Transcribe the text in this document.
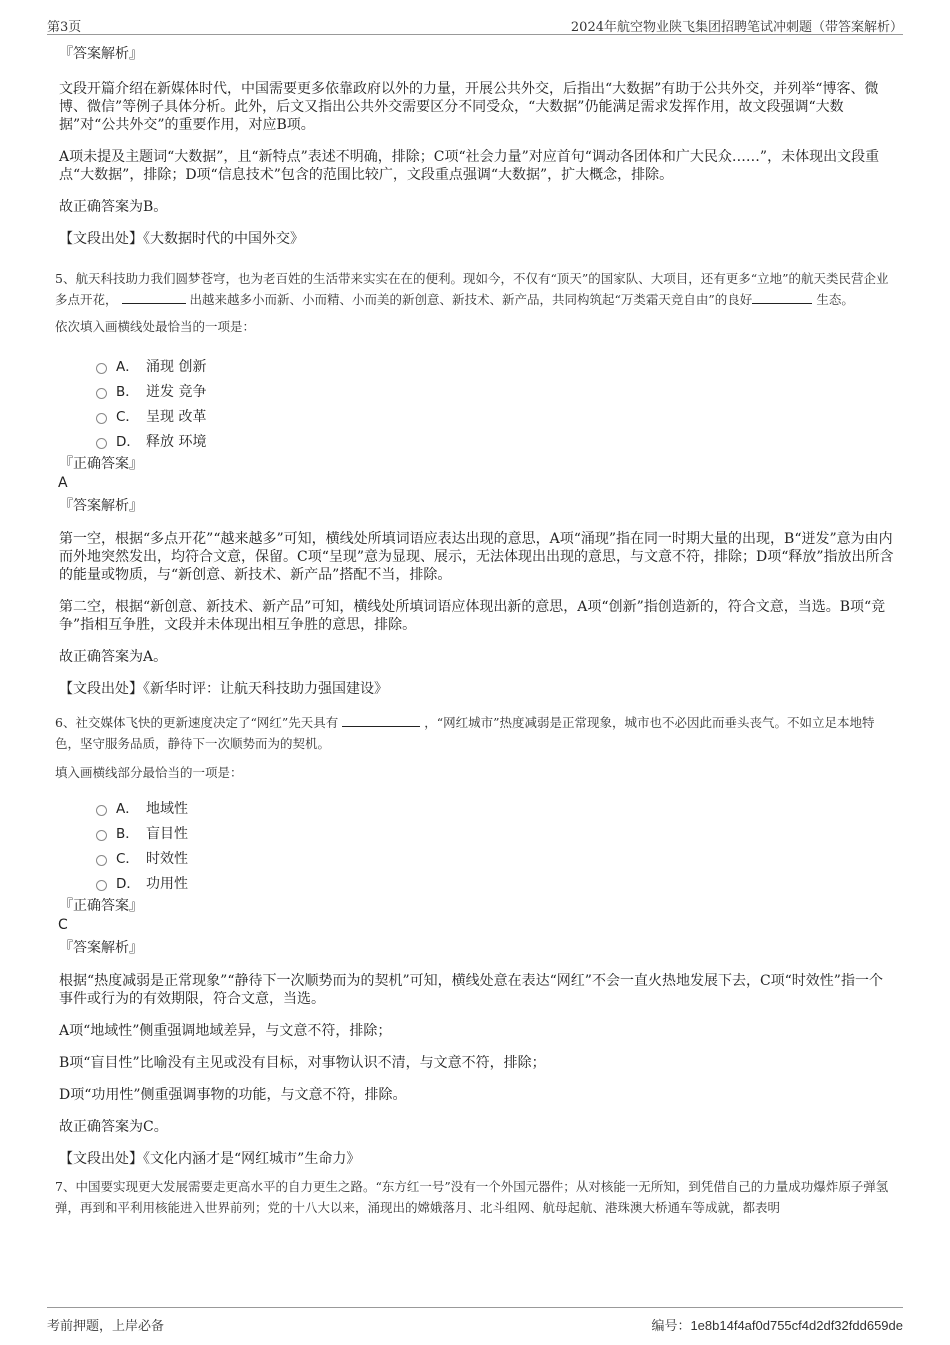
第3页	2024年航空物业陕飞集团招聘笔试冲刺题（带答案解析）
『答案解析』

文段开篇介绍在新媒体时代，中国需要更多依靠政府以外的力量，开展公共外交，后指出“大数据”有助于公共外交，并列举“博客、微博、微信”等例子具体分析。此外，后文又指出公共外交需要区分不同受众，“大数据”仍能满足需求发挥作用，故文段强调“大数据”对“公共外交”的重要作用，对应B项。

A项未提及主题词“大数据”，且“新特点”表述不明确，排除；C项“社会力量”对应首句“调动各团体和广大民众……”，未体现出文段重点“大数据”，排除；D项“信息技术”包含的范围比较广，文段重点强调“大数据”，扩大概念，排除。

故正确答案为B。

【文段出处】《大数据时代的中国外交》

5、航天科技助力我们圆梦苍穹，也为老百姓的生活带来实实在在的便利。现如今，不仅有“顶天”的国家队、大项目，还有更多“立地”的航天类民营企业多点开花，	出越来越多小而新、小而精、小而美的新创意、新技术、新产品，共同构筑起“万类霜天竞自由”的良好	生态。

依次填入画横线处最恰当的一项是：

A． 涌现 创新
B． 迸发 竞争
C． 呈现 改革
D． 释放 环境
『正确答案』
A
『答案解析』

第一空，根据“多点开花”“越来越多”可知，横线处所填词语应表达出现的意思，A项“涌现”指在同一时期大量的出现，B“迸发”意为由内而外地突然发出，均符合文意，保留。C项“呈现”意为显现、展示，无法体现出出现的意思，与文意不符，排除；D项“释放”指放出所含的能量或物质，与“新创意、新技术、新产品”搭配不当，排除。

第二空，根据“新创意、新技术、新产品”可知，横线处所填词语应体现出新的意思，A项“创新”指创造新的，符合文意，当选。B项“竞争”指相互争胜，文段并未体现出相互争胜的意思，排除。

故正确答案为A。

【文段出处】《新华时评：让航天科技助力强国建设》

6、社交媒体飞快的更新速度决定了“网红”先天具有	，“网红城市”热度减弱是正常现象，城市也不必因此而垂头丧气。不如立足本地特色，坚守服务品质，静待下一次顺势而为的契机。

填入画横线部分最恰当的一项是：

A． 地域性
B． 盲目性
C． 时效性
D． 功用性
『正确答案』
C
『答案解析』

根据“热度减弱是正常现象”“静待下一次顺势而为的契机”可知，横线处意在表达“网红”不会一直火热地发展下去，C项“时效性”指一个事件或行为的有效期限，符合文意，当选。

A项“地域性”侧重强调地域差异，与文意不符，排除；

B项“盲目性”比喻没有主见或没有目标，对事物认识不清，与文意不符，排除；

D项“功用性”侧重强调事物的功能，与文意不符，排除。

故正确答案为C。

【文段出处】《文化内涵才是“网红城市”生命力》

7、中国要实现更大发展需要走更高水平的自力更生之路。“东方红一号”没有一个外国元器件；从对核能一无所知，到凭借自己的力量成功爆炸原子弹氢弹，再到和平利用核能进入世界前列；党的十八大以来，涌现出的嫦娥落月、北斗组网、航母起航、港珠澳大桥通车等成就，都表明

考前押题，上岸必备	编号：1e8b14f4af0d755cf4d2df32fdd659de
